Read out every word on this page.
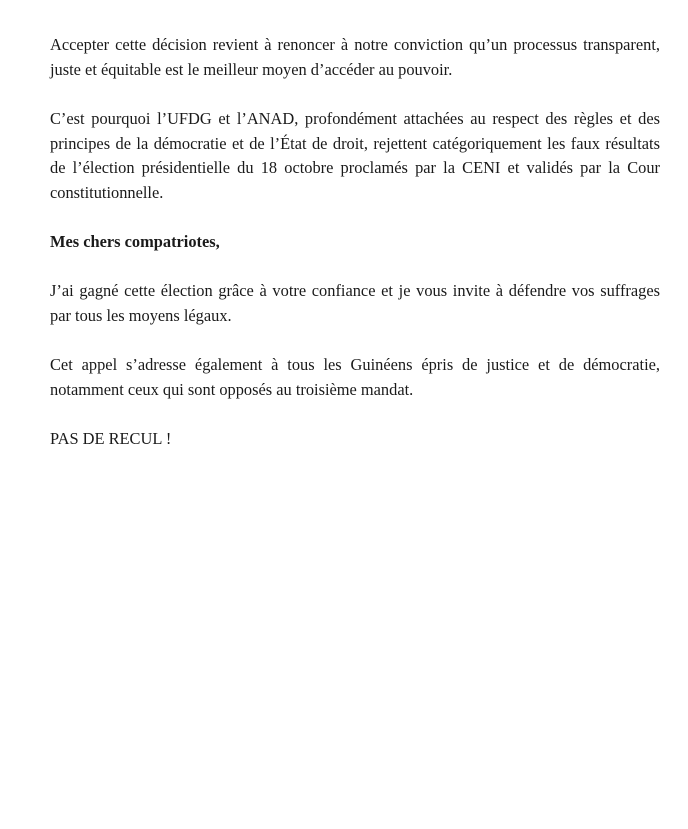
Accepter cette décision revient à renoncer à notre conviction qu’un processus transparent, juste et équitable est le meilleur moyen d’accéder au pouvoir.

C’est pourquoi l’UFDG et l’ANAD, profondément attachées au respect des règles et des principes de la démocratie et de l’État de droit, rejettent catégoriquement les faux résultats de l’élection présidentielle du 18 octobre proclamés par la CENI et validés par la Cour constitutionnelle.

Mes chers compatriotes,

J’ai gagné cette élection grâce à votre confiance et je vous invite à défendre vos suffrages par tous les moyens légaux.

Cet appel s’adresse également à tous les Guinéens épris de justice et de démocratie, notamment ceux qui sont opposés au troisième mandat.

PAS DE RECUL !
